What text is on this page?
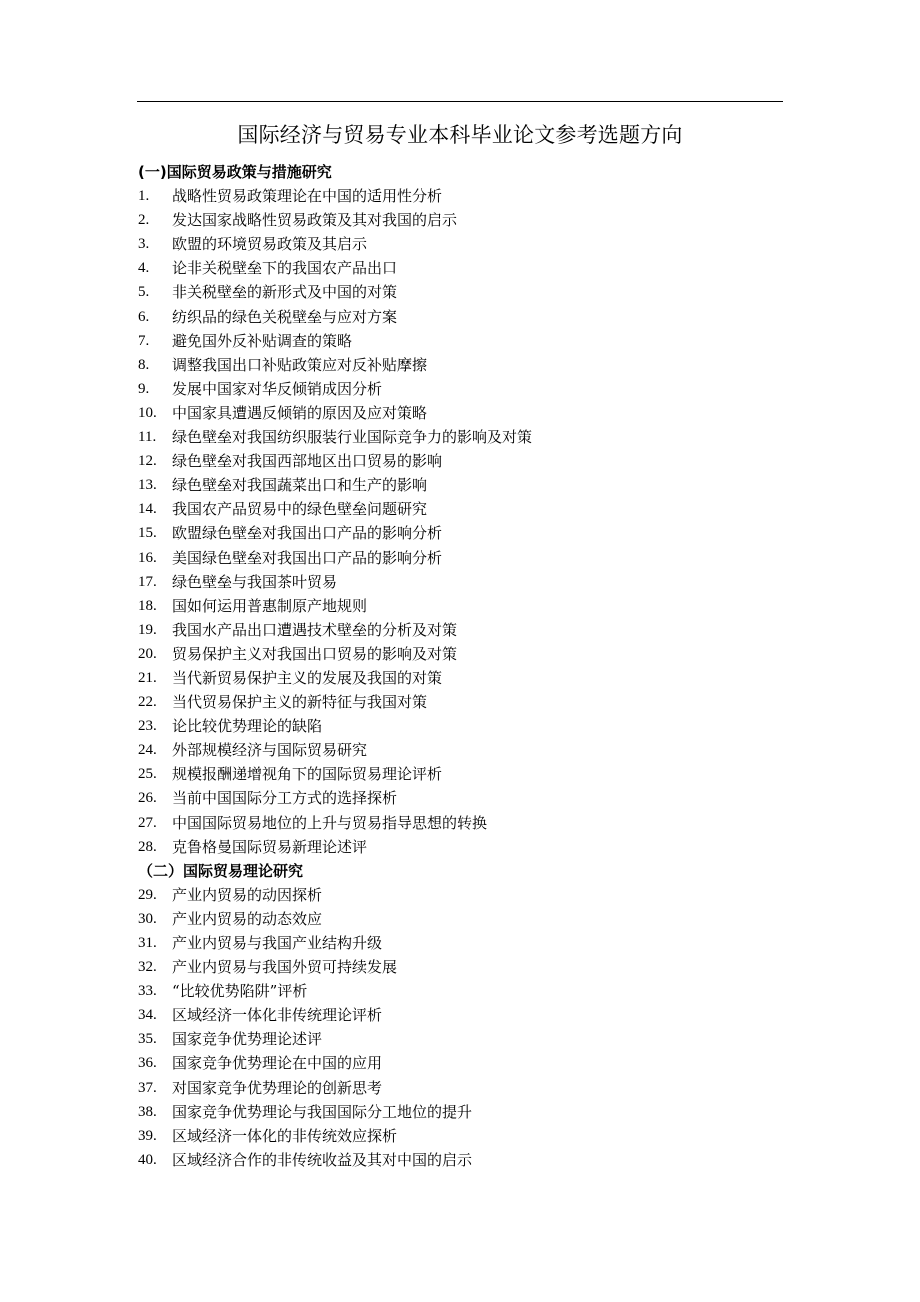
国际经济与贸易专业本科毕业论文参考选题方向
(一)国际贸易政策与措施研究
1.	战略性贸易政策理论在中国的适用性分析
2.	发达国家战略性贸易政策及其对我国的启示
3.	欧盟的环境贸易政策及其启示
4.	论非关税壁垒下的我国农产品出口
5.	非关税壁垒的新形式及中国的对策
6.	纺织品的绿色关税壁垒与应对方案
7.	避免国外反补贴调查的策略
8.	调整我国出口补贴政策应对反补贴摩擦
9.	发展中国家对华反倾销成因分析
10.	中国家具遭遇反倾销的原因及应对策略
11.	绿色壁垒对我国纺织服装行业国际竞争力的影响及对策
12.	绿色壁垒对我国西部地区出口贸易的影响
13.	绿色壁垒对我国蔬菜出口和生产的影响
14.	我国农产品贸易中的绿色壁垒问题研究
15.	欧盟绿色壁垒对我国出口产品的影响分析
16.	美国绿色壁垒对我国出口产品的影响分析
17.	绿色壁垒与我国茶叶贸易
18.	国如何运用普惠制原产地规则
19.	我国水产品出口遭遇技术壁垒的分析及对策
20.	贸易保护主义对我国出口贸易的影响及对策
21.	当代新贸易保护主义的发展及我国的对策
22.	当代贸易保护主义的新特征与我国对策
23.	论比较优势理论的缺陷
24.	外部规模经济与国际贸易研究
25.	规模报酬递增视角下的国际贸易理论评析
26.	当前中国国际分工方式的选择探析
27.	中国国际贸易地位的上升与贸易指导思想的转换
28.	克鲁格曼国际贸易新理论述评
（二）国际贸易理论研究
29.	产业内贸易的动因探析
30.	产业内贸易的动态效应
31.	产业内贸易与我国产业结构升级
32.	产业内贸易与我国外贸可持续发展
33.	“比较优势陷阱”评析
34.	区域经济一体化非传统理论评析
35.	国家竞争优势理论述评
36.	国家竞争优势理论在中国的应用
37.	对国家竞争优势理论的创新思考
38.	国家竞争优势理论与我国国际分工地位的提升
39.	区域经济一体化的非传统效应探析
40.	区域经济合作的非传统收益及其对中国的启示
